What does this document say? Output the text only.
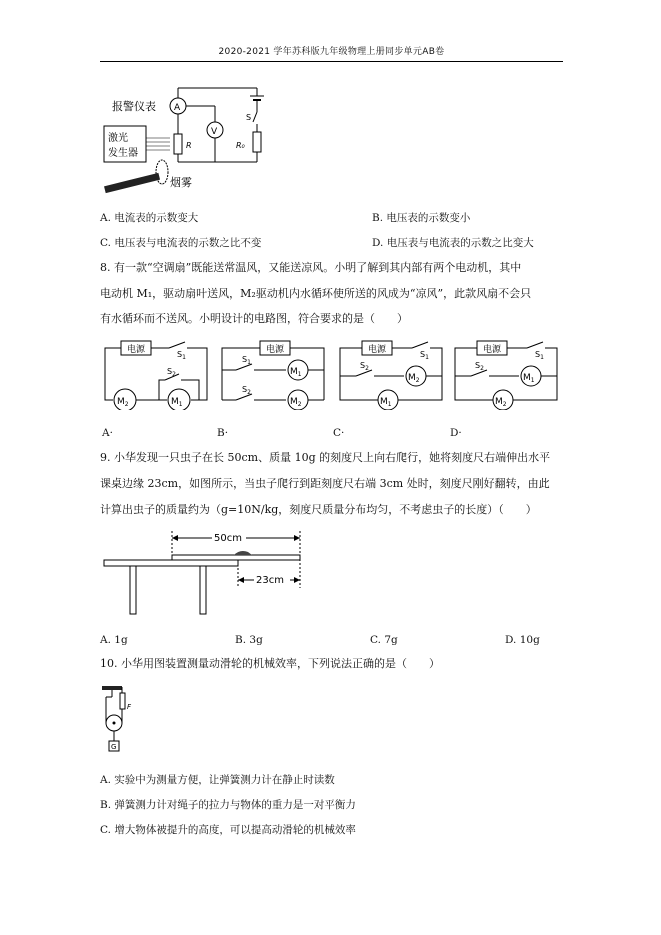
2020-2021 学年苏科版九年级物理上册同步单元AB卷
报警仪表 A
R
V
S
R₀
激光
发生器
烟雾
A. 电流表的示数变大	B. 电压表的示数变小
C. 电压表与电流表的示数之比不变	D. 电压表与电流表的示数之比变大
8. 有一款“空调扇”既能送常温风，又能送凉风。小明了解到其内部有两个电动机，其中
电动机 M₁，驱动扇叶送风，M₂驱动机内水循环使所送的风成为“凉风”，此款风扇不会只
有水循环而不送风。小明设计的电路图，符合要求的是（　　）
电源	$S_1$
$M_2$	$M_1$
$S_2$
电源
$S_1$
$M_1$
$S_2$
$M_2$
电源	$S_1$
$M_1$
$S_2$
$M_2$
电源	$S_1$
$M_2$
$S_2$
$M_1$
A·	B·	C·	D·
9. 小华发现一只虫子在长 50cm、质量 10g 的刻度尺上向右爬行，她将刻度尺右端伸出水平
课桌边缘 23cm，如图所示，当虫子爬行到距刻度尺右端 3cm 处时，刻度尺刚好翻转，由此
计算出虫子的质量约为（g=10N/kg，刻度尺质量分布均匀，不考虑虫子的长度）（　　）
50cm
23cm
A. 1g	B. 3g	C. 7g	D. 10g
10. 小华用图装置测量动滑轮的机械效率，下列说法正确的是（　　）
F
G
A. 实验中为测量方便，让弹簧测力计在静止时读数
B. 弹簧测力计对绳子的拉力与物体的重力是一对平衡力
C. 增大物体被提升的高度，可以提高动滑轮的机械效率
